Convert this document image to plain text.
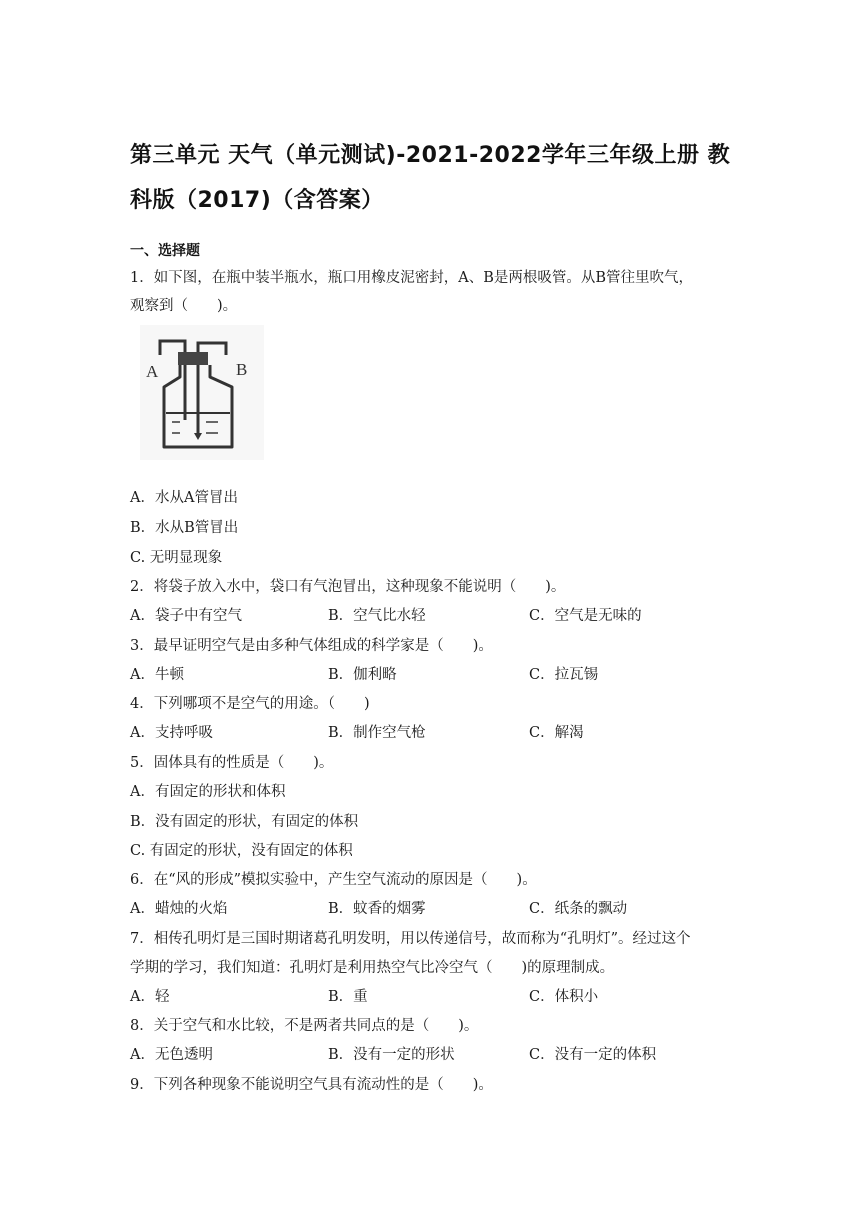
第三单元 天气（单元测试)-2021-2022学年三年级上册 教
科版（2017)（含答案）
一、选择题
1．如下图，在瓶中装半瓶水，瓶口用橡皮泥密封，A、B是两根吸管。从B管往里吹气，
观察到（　　)。
A	B
A．水从A管冒出
B．水从B管冒出
C. 无明显现象
2．将袋子放入水中，袋口有气泡冒出，这种现象不能说明（　　)。
A．袋子中有空气	B．空气比水轻	C．空气是无味的
3．最早证明空气是由多种气体组成的科学家是（　　)。
A．牛顿	B．伽利略	C．拉瓦锡
4．下列哪项不是空气的用途。（　　)
A．支持呼吸	B．制作空气枪	C．解渴
5．固体具有的性质是（　　)。
A．有固定的形状和体积
B．没有固定的形状，有固定的体积
C. 有固定的形状，没有固定的体积
6．在“风的形成”模拟实验中，产生空气流动的原因是（　　)。
A．蜡烛的火焰	B．蚊香的烟雾	C．纸条的飘动
7．相传孔明灯是三国时期诸葛孔明发明，用以传递信号，故而称为“孔明灯”。经过这个
学期的学习，我们知道：孔明灯是利用热空气比冷空气（　　)的原理制成。
A．轻	B．重	C．体积小
8．关于空气和水比较，不是两者共同点的是（　　)。
A．无色透明	B．没有一定的形状	C．没有一定的体积
9．下列各种现象不能说明空气具有流动性的是（　　)。
